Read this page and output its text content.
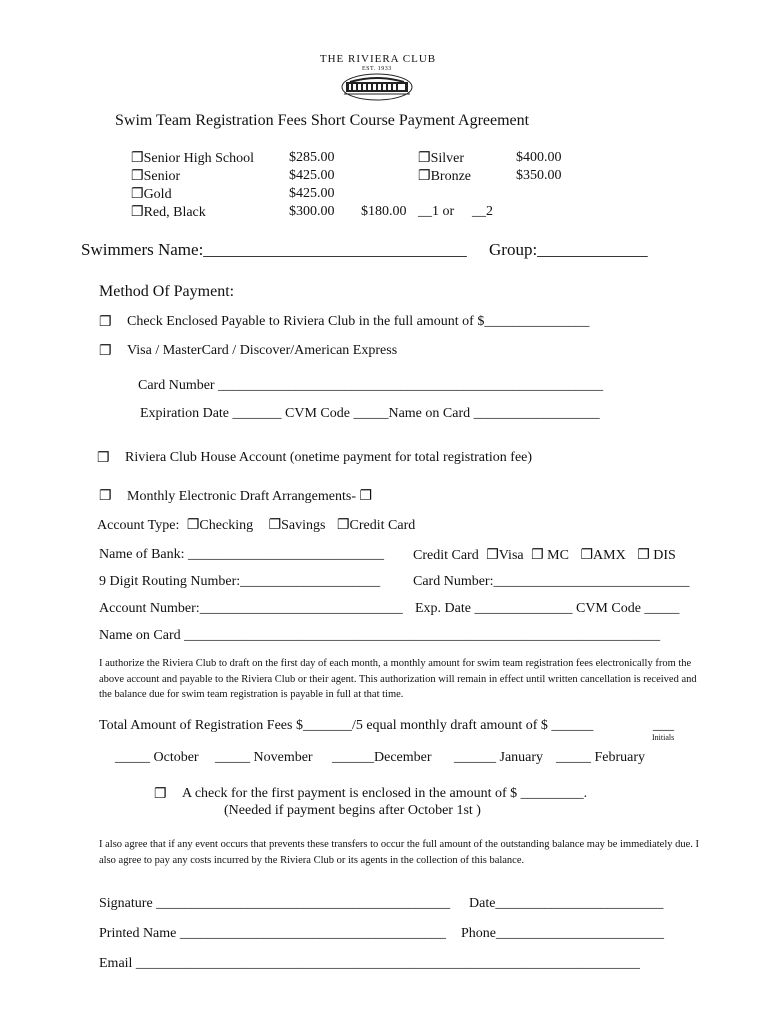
THE RIVIERA CLUB
EST. 1933
Swim Team Registration Fees Short Course Payment Agreement
❐Senior High School $285.00
❐Senior	$425.00
❐Gold	$425.00
❐Red, Black	$300.00 $180.00 __1 or __2
❐Silver	$400.00
❐Bronze	$350.00
Swimmers Name:_______________________________ Group:_____________
Method Of Payment:
❐ Check Enclosed Payable to Riviera Club in the full amount of $_______________
❐ Visa / MasterCard / Discover/American Express
Card Number _______________________________________________________
Expiration Date _______ CVM Code _____Name on Card __________________
❐ Riviera Club House Account (onetime payment for total registration fee)
❐ Monthly Electronic Draft Arrangements- ❐
Account Type: ❐Checking ❐Savings ❐Credit Card
Name of Bank: ____________________________ Credit Card ❐Visa ❐ MC ❐AMX ❐ DIS
9 Digit Routing Number:____________________ Card Number:____________________________
Account Number:_____________________________ Exp. Date ______________ CVM Code _____
Name on Card ____________________________________________________________________
I authorize the Riviera Club to draft on the first day of each month, a monthly amount for swim team registration fees electronically from the above account and payable to the Riviera Club or their agent. This authorization will remain in effect until written cancellation is received and the balance due for swim team registration is payable in full at that time.
Total Amount of Registration Fees $_______/5 equal monthly draft amount of $ ______	___
Initials
_____ October _____ November ______December ______ January _____ February
❐ A check for the first payment is enclosed in the amount of $ _________.
(Needed if payment begins after October 1st )
I also agree that if any event occurs that prevents these transfers to occur the full amount of the outstanding balance may be immediately due. I also agree to pay any costs incurred by the Riviera Club or its agents in the collection of this balance.
Signature __________________________________________ Date________________________
Printed Name ______________________________________ Phone________________________
Email ________________________________________________________________________
